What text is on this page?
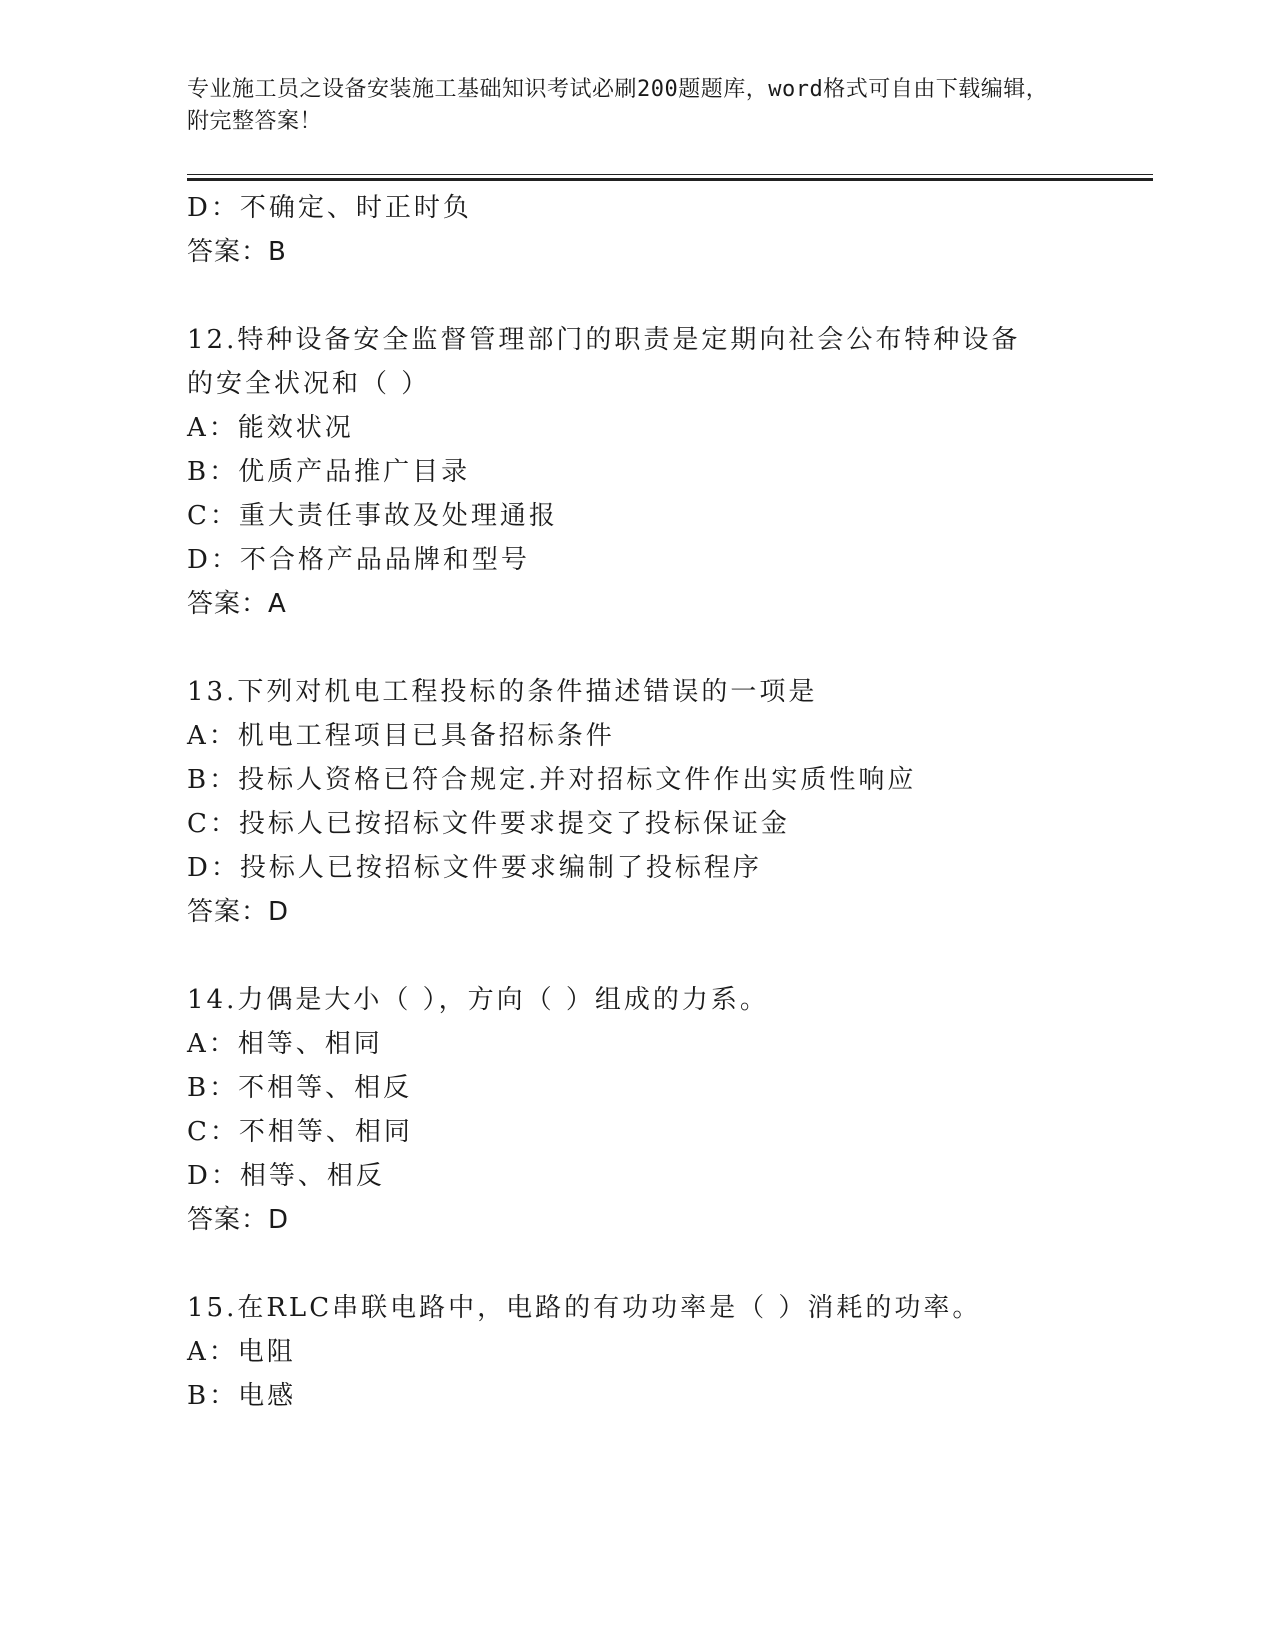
专业施工员之设备安装施工基础知识考试必刷200题题库，word格式可自由下载编辑，附完整答案！
D：不确定、时正时负
答案：B
12.特种设备安全监督管理部门的职责是定期向社会公布特种设备的安全状况和（ ）
A：能效状况
B：优质产品推广目录
C：重大责任事故及处理通报
D：不合格产品品牌和型号
答案：A
13.下列对机电工程投标的条件描述错误的一项是
A：机电工程项目已具备招标条件
B：投标人资格已符合规定.并对招标文件作出实质性响应
C：投标人已按招标文件要求提交了投标保证金
D：投标人已按招标文件要求编制了投标程序
答案：D
14.力偶是大小（ ），方向（ ）组成的力系。
A：相等、相同
B：不相等、相反
C：不相等、相同
D：相等、相反
答案：D
15.在RLC串联电路中，电路的有功功率是（ ）消耗的功率。
A：电阻
B：电感
